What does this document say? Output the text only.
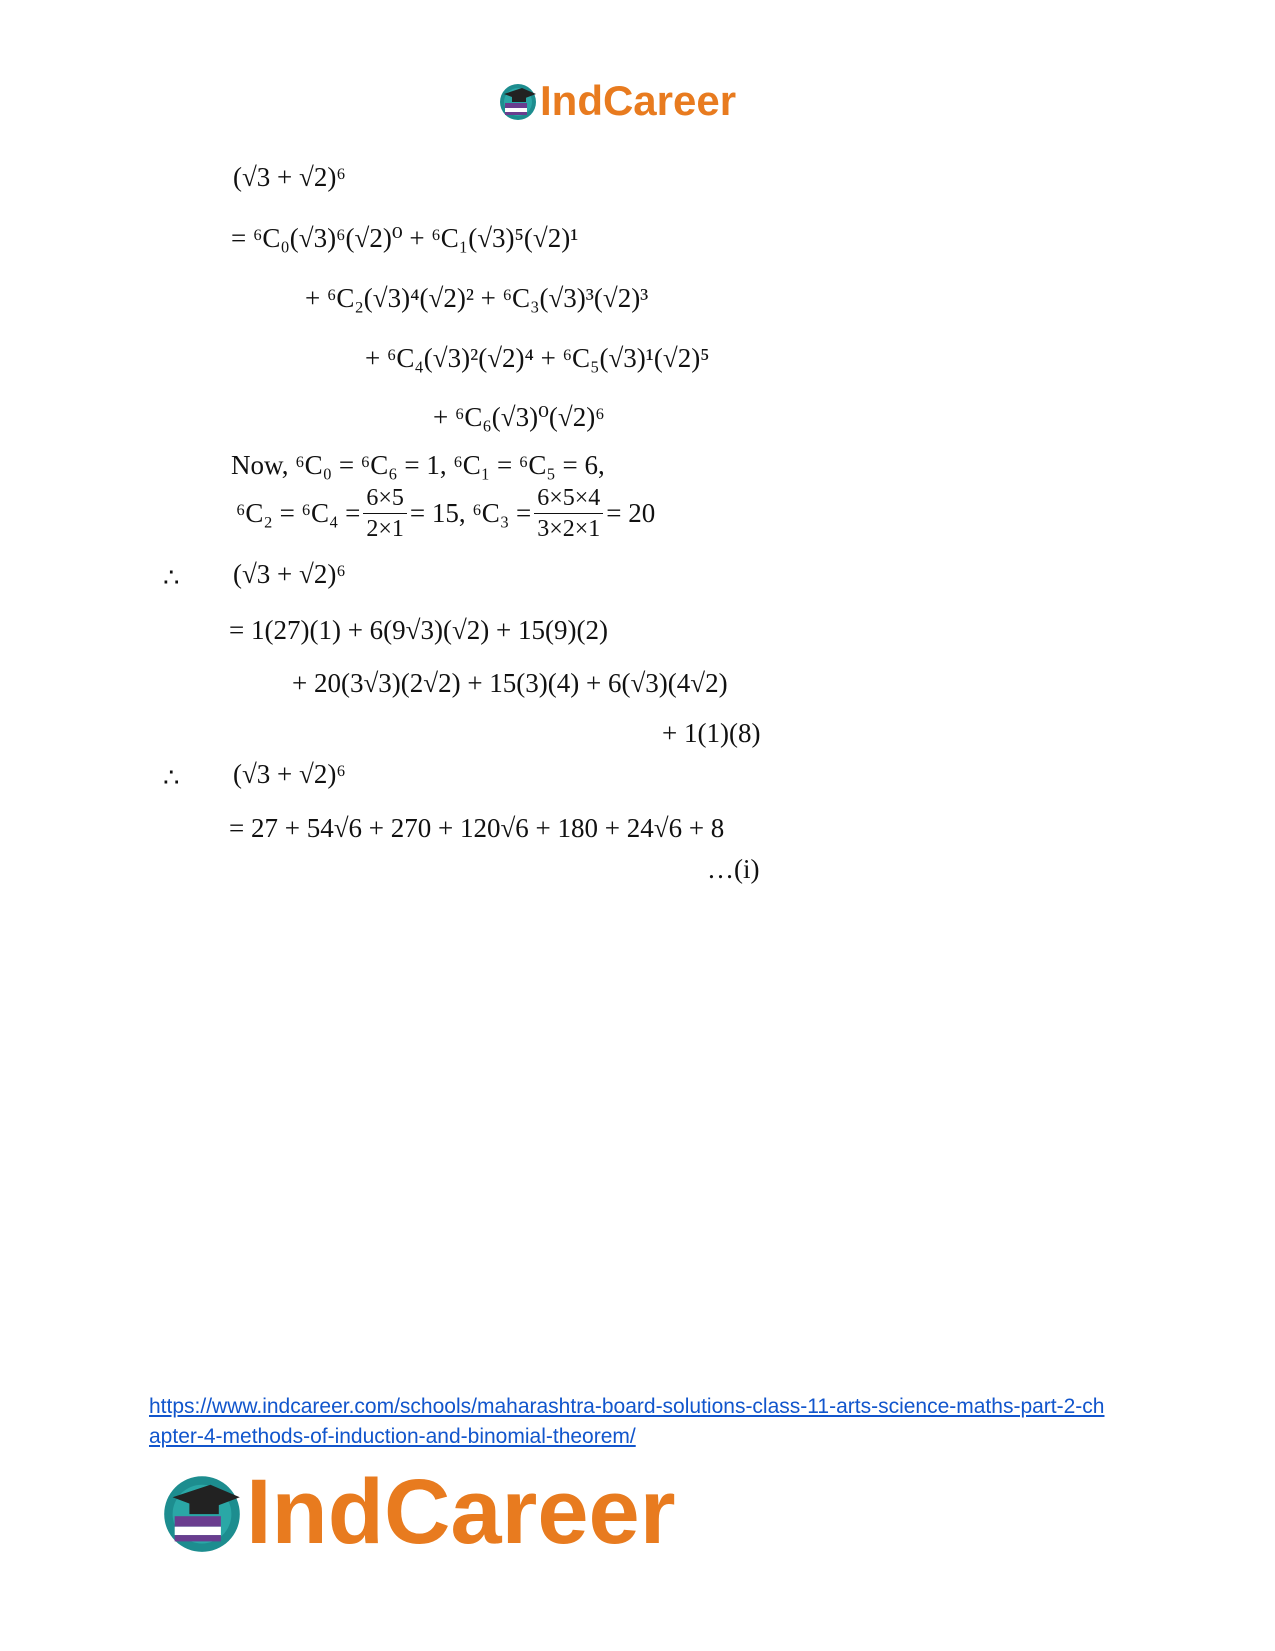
IndCareer
(√3 + √2)⁶
= ⁶C₀(√3)⁶(√2)⁰ + ⁶C₁(√3)⁵(√2)¹
+ ⁶C₂(√3)⁴(√2)² + ⁶C₃(√3)³(√2)³
+ ⁶C₄(√3)²(√2)⁴ + ⁶C₅(√3)¹(√2)⁵
+ ⁶C₆(√3)⁰(√2)⁶
Now, ⁶C₀ = ⁶C₆ = 1, ⁶C₁ = ⁶C₅ = 6,
$^6C_2 = ^6C_4 = \frac{6\times 5}{2\times 1} = 15$, $^6C_3 = \frac{6\times 5\times 4}{3\times 2\times 1} = 20$
∴ (√3 + √2)⁶
= 1(27)(1) + 6(9√3)(√2) + 15(9)(2)
+ 20(3√3)(2√2) + 15(3)(4) + 6(√3)(4√2)
+ 1(1)(8)
∴ (√3 + √2)⁶
= 27 + 54√6 + 270 + 120√6 + 180 + 24√6 + 8
…(i)
https://www.indcareer.com/schools/maharashtra-board-solutions-class-11-arts-science-maths-part-2-chapter-4-methods-of-induction-and-binomial-theorem/
IndCareer
